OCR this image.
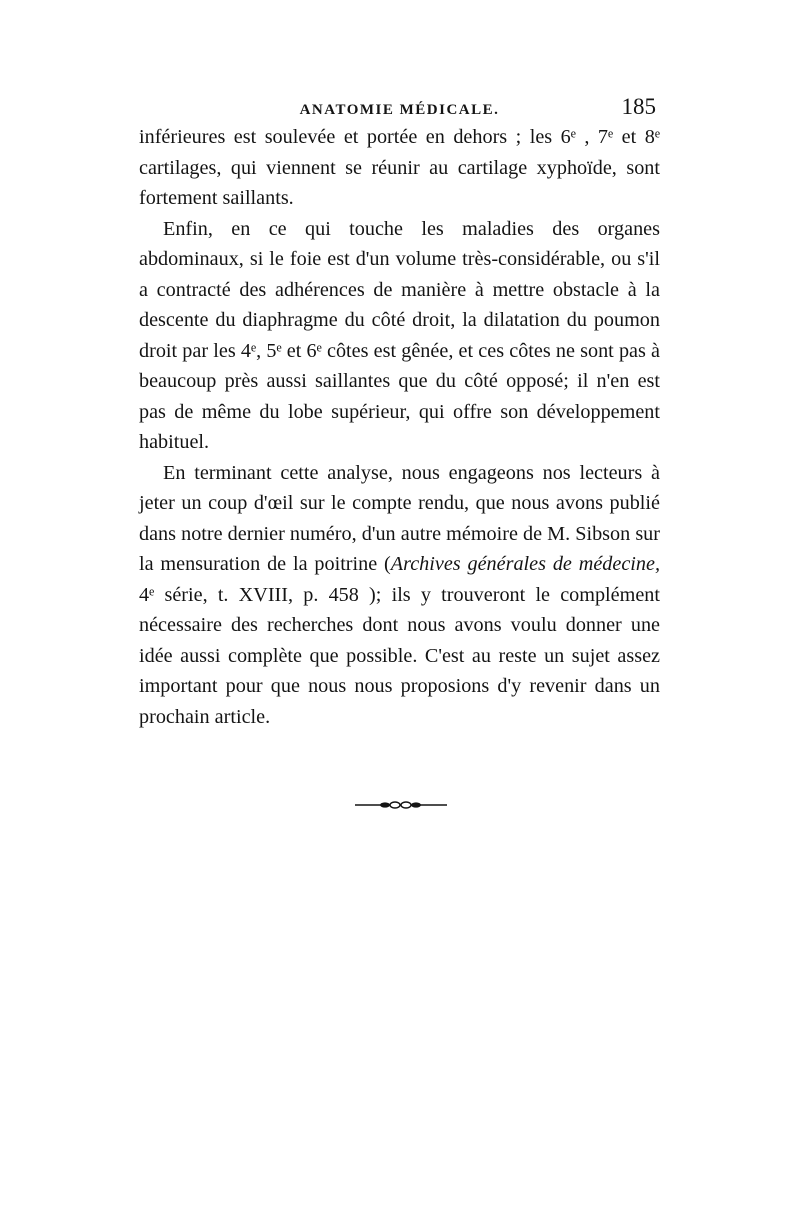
ANATOMIE MÉDICALE.	185

inférieures est soulevée et portée en dehors ; les 6ᵉ , 7ᵉ et 8ᵉ cartilages, qui viennent se réunir au cartilage xyphoïde, sont fortement saillants.

Enfin, en ce qui touche les maladies des organes abdominaux, si le foie est d'un volume très-considérable, ou s'il a contracté des adhérences de manière à mettre obstacle à la descente du diaphragme du côté droit, la dilatation du poumon droit par les 4ᵉ, 5ᵉ et 6ᵉ côtes est gênée, et ces côtes ne sont pas à beaucoup près aussi saillantes que du côté opposé; il n'en est pas de même du lobe supérieur, qui offre son développement habituel.

En terminant cette analyse, nous engageons nos lecteurs à jeter un coup d'œil sur le compte rendu, que nous avons publié dans notre dernier numéro, d'un autre mémoire de M. Sibson sur la mensuration de la poitrine (Archives générales de médecine, 4ᵉ série, t. XVIII, p. 458 ); ils y trouveront le complément nécessaire des recherches dont nous avons voulu donner une idée aussi complète que possible. C'est au reste un sujet assez important pour que nous nous proposions d'y revenir dans un prochain article.
